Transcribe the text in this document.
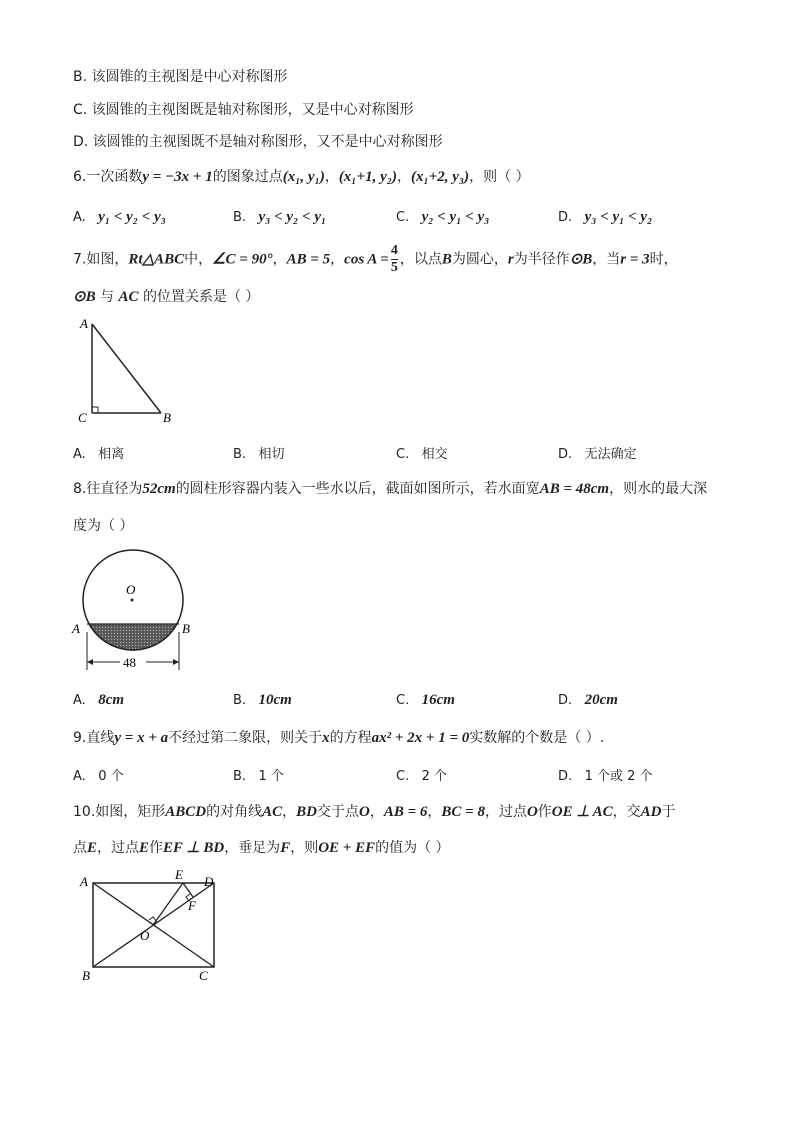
B. 该圆锥的主视图是中心对称图形
C. 该圆锥的主视图既是轴对称图形，又是中心对称图形
D. 该圆锥的主视图既不是轴对称图形，又不是中心对称图形
6.一次函数y = −3x + 1的图象过点(x₁, y₁)，(x₁+1, y₂)，(x₁+2, y₃)，则（ ）
A. y₁ < y₂ < y₃	B. y₃ < y₂ < y₁	C. y₂ < y₁ < y₃	D. y₃ < y₁ < y₂
7.如图，Rt△ABC中，∠C = 90°，AB = 5，$\cos A = \frac{4}{5}$ ，以点B为圆心，r为半径作⊙B，当r = 3时，
⊙B 与 AC 的位置关系是（ ）
A
C	B
A. 相离	B. 相切	C. 相交	D. 无法确定
8.往直径为52cm的圆柱形容器内装入一些水以后，截面如图所示，若水面宽AB = 48cm，则水的最大深
度为（ ）
O
A	B
48
A. 8cm	B. 10cm	C. 16cm	D. 20cm
9.直线y = x + a不经过第二象限，则关于x的方程ax² + 2x + 1 = 0实数解的个数是（ ）.
A. 0 个	B. 1 个	C. 2 个	D. 1 个或 2 个
10.如图，矩形ABCD的对角线AC，BD交于点O，AB = 6，BC = 8，过点O作OE ⊥ AC，交AD于
点E，过点E作EF ⊥ BD，垂足为F，则OE + EF的值为（ ）
A
B	C
D
E
F
O
